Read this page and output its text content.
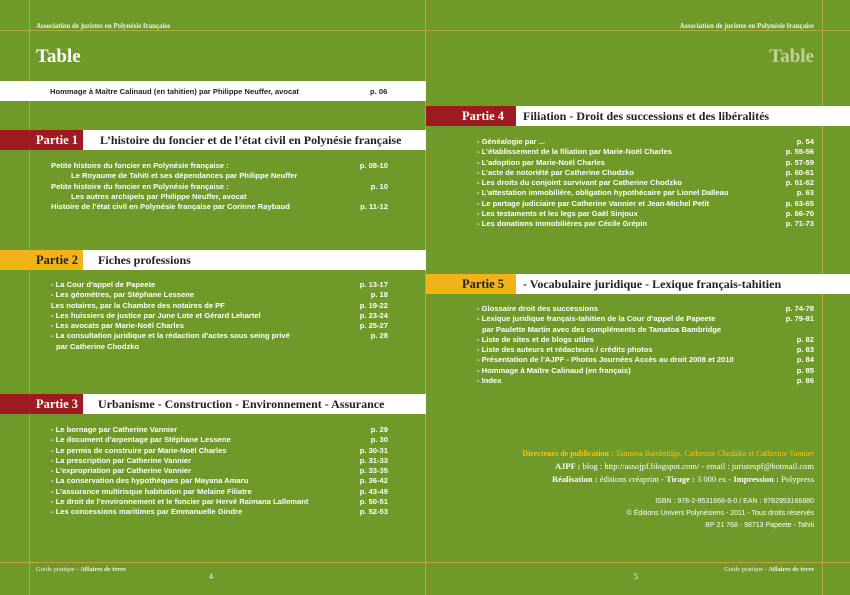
Association de juristes en Polynésie française	Association de juristes en Polynésie française
Table	Table
Hommage à Maître Calinaud (en tahitien) par Philippe Neuffer, avocat	p. 06
Partie 1	L’histoire du foncier et de l’état civil en Polynésie française
Petite histoire du foncier en Polynésie française :	p. 08-10
Le Royaume de Tahiti et ses dépendances par Philippe Neuffer
Petite histoire du foncier en Polynésie française :	p. 10
Les autres archipels par Philippe Neuffer, avocat
Histoire de l’état civil en Polynésie française par Corinne Raybaud	p. 11-12
Partie 2	Fiches professions
- La Cour d’appel de Papeete	p. 13-17
- Les géomètres, par Stéphane Lessene	p. 18
Les notaires, par la Chambre des notaires de PF	p. 19-22
- Les huissiers de justice par June Lote et Gérard Lehartel	p. 23-24
- Les avocats par Marie-Noël Charles	p. 25-27
- La consultation juridique et la rédaction d’actes sous seing privé	p. 28
par Catherine Chodzko
Partie 3	Urbanisme - Construction - Environnement - Assurance
- Le bornage par Catherine Vannier	p. 29
- Le document d’arpentage par Stéphane Lessene	p. 30
- Le permis de construire par Marie-Noël Charles	p. 30-31
- La prescription par Catherine Vannier	p. 31-33
- L’expropriation par Catherine Vannier	p. 33-35
- La conservation des hypothèques par Mayana Amaru	p. 36-42
- L’assurance multirisque habitation par Melaine Filiatre	p. 43-49
- Le droit de l’environnement et le foncier par Hervé Raimana Lallemant	p. 50-51
- Les concessions maritimes par Emmanuelle Gindre	p. 52-53
Partie 4	Filiation - Droit des successions et des libéralités
- Généalogie par ...	p. 54
- L’établissement de la filiation par Marie-Noël Charles	p. 55-56
- L’adoption par Marie-Noël Charles	p. 57-59
- L’acte de notoriété par Catherine Chodzko	p. 60-61
- Les droits du conjoint survivant par Catherine Chodzko	p. 61-62
- L’attestation immobilière, obligation hypothécaire par Lionel Dalleau	p. 63
- Le partage judiciaire par Catherine Vannier et Jean-Michel Petit	p. 63-65
- Les testaments et les legs par Gaël Sinjoux	p. 66-70
- Les donations immobilières par Cécile Grépin	p. 71-73
Partie 5	- Vocabulaire juridique - Lexique français-tahitien
- Glossaire droit des successions	p. 74-78
- Lexique juridique français-tahitien de la Cour d’appel de Papeete	p. 79-81
par Paulette Martin avec des compléments de Tamatoa Bambridge
- Liste de sites et de blogs utiles	p. 82
- Liste des auteurs et rédacteurs / crédits photos	p. 83
- Présentation de l’AJPF - Photos Journées Accès au droit 2008 et 2010	p. 84
- Hommage à Maître Calinaud (en français)	p. 85
- Index	p. 86
Directeurs de publication : Tamatoa Bambridge, Catherine Chodzko et Catherine Vannier
AJPF : blog : http://assojpf.blogspot.com/ - email : juristespf@hotmail.com
Réalisation : éditions créaprint - Tirage : 3 000 ex - Impression : Polypress
ISBN : 978-2-9531668-8-0 / EAN : 9782953166880
© Éditions Univers Polynésiens - 2011 - Tous droits réservés
BP 21 768 - 98713 Papeete - Tahiti
Guide pratique - Affaires de terre	Guide pratique - Affaires de terre
4	5
